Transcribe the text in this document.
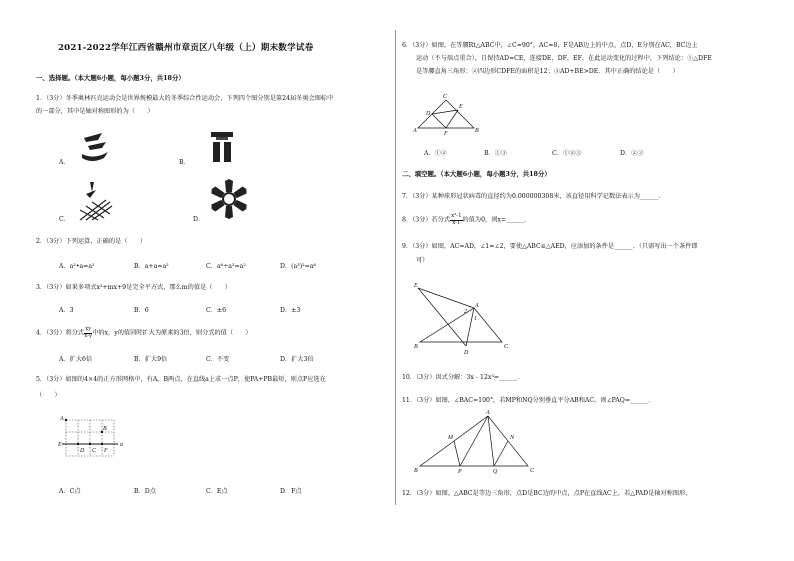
2021-2022学年江西省赣州市章贡区八年级（上）期末数学试卷
一、选择题。（本大题6小题，每小题3分，共18分）
1．（3分）冬季奥林匹克运动会是世界规模最大的冬季综合性运动会，下列四个图分别是第24届冬奥会图标中
的一部分，其中是轴对称图形的为（　　）
A．	B．
C．	D．
2．（3分）下列运算，正确的是（　　）
A．a²•a=a²	B．a+a=a²	C．a⁶÷a³=a²	D．(a³)²=a⁶
3．（3分）如果多项式x²+mx+9是完全平方式，那么m的值是（　　）
A．3	B．6	C．±6	D．±3
4．（3分）将分式 $\frac{xy}{x-y}$ 中的x，y的值同时扩大为原来的3倍，则分式的值（　　）
A．扩大6倍	B．扩大9倍	C．不变	D．扩大3倍
5．（3分）如图的4×4的正方形网格中，有A、B两点，在直线a上求一点P，使PA+PB最短，则点P应选在
（　　）
A
E
B
D C F
a
A．C点	B．D点	C．E点	D．F点
6．（3分）如图，在等腰Rt△ABC中，∠C=90°，AC=8，F是AB边上的中点，点D，E分别在AC，BC边上
运动（不与端点重合），且保持AD=CE，连接DE，DF，EF．在此运动变化的过程中，下列结论：①△DFE
是等腰直角三角形；②四边形CDFE的面积是12；③AD+BE>DE．其中正确的结论是（　　）
C
E
D
A	F	B
A．①②	B．①③	C．①②③	D．②③
二、填空题。（本大题6小题，每小题3分，共18分）
7．（3分）某种球形冠状病毒的直径约为0.000000308米，该直径用科学记数法表示为______．
8．（3分）若分式 $\frac{\text{x²-1}}{x-1}$ 的值为0，则x=______．
9．（3分）如图，AC=AD，∠1=∠2，要使△ABC≌△AED，应添加的条件是______．（只需写出一个条件即
可）
E
A
2
1
B
D
C
10．（3分）因式分解：3x﹣12x³=______．
11．（3分）如图，∠BAC=100°，若MP和NQ分别垂直平分AB和AC，则∠PAQ=______．
A
M	N
B	P	Q	C
12．（3分）如图，△ABC是等边三角形，点D是BC边的中点，点P在直线AC上，若△PAD是轴对称图形，
